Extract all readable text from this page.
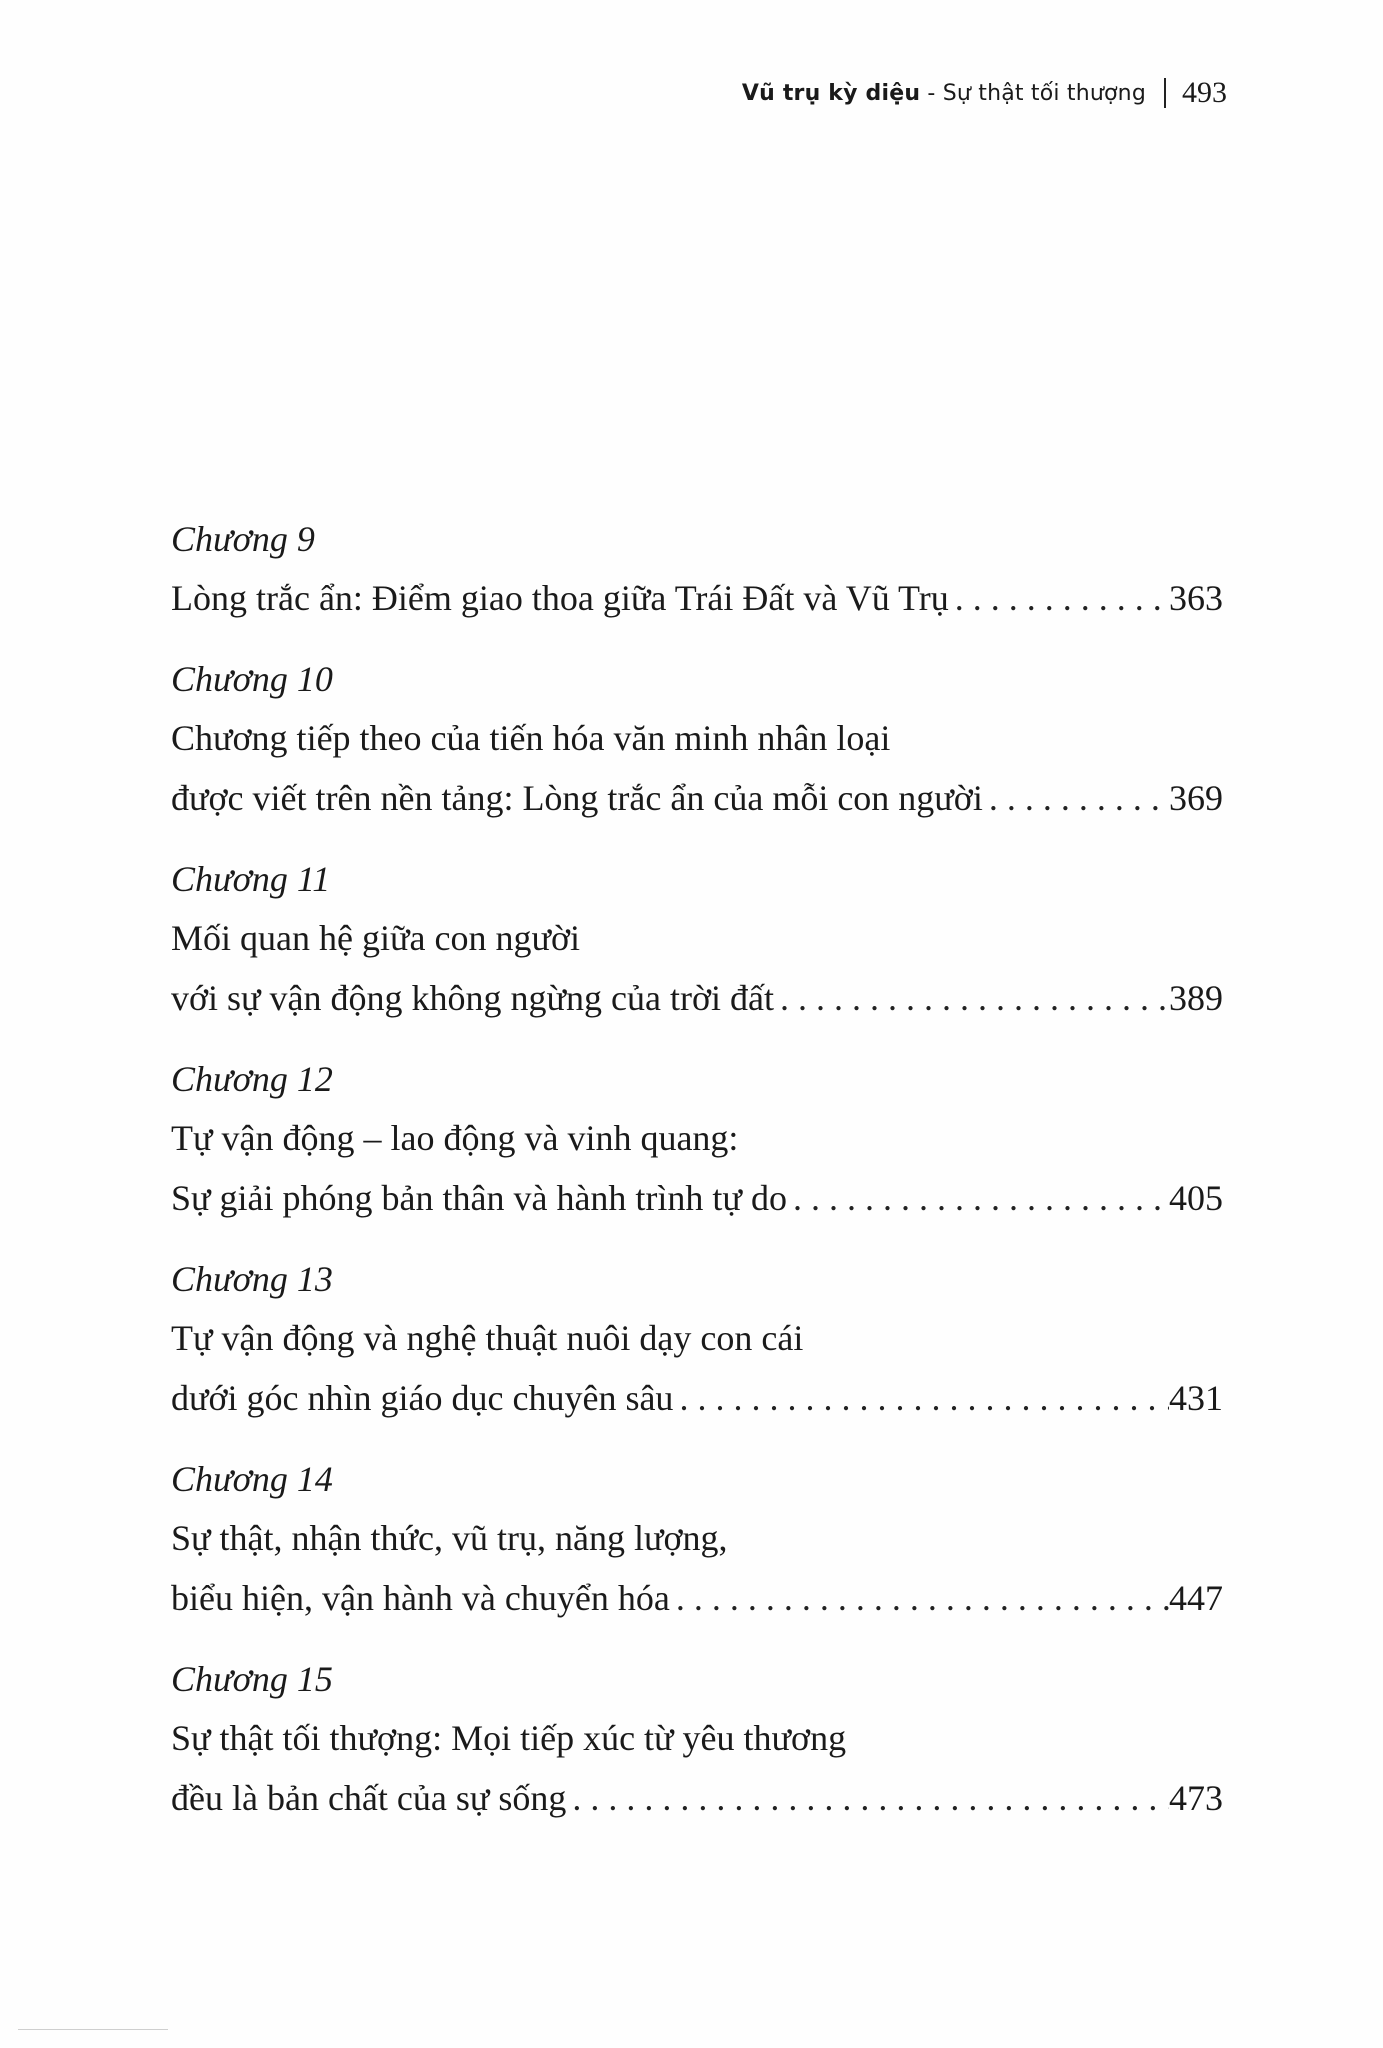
Vũ trụ kỳ diệu - Sự thật tối thượng 493
Chương 9
Lòng trắc ẩn: Điểm giao thoa giữa Trái Đất và Vũ Trụ . . .	363
Chương 10
Chương tiếp theo của tiến hóa văn minh nhân loại
được viết trên nền tảng: Lòng trắc ẩn của mỗi con người . . .	369
Chương 11
Mối quan hệ giữa con người
với sự vận động không ngừng của trời đất . . .	389
Chương 12
Tự vận động – lao động và vinh quang:
Sự giải phóng bản thân và hành trình tự do . . .	405
Chương 13
Tự vận động và nghệ thuật nuôi dạy con cái
dưới góc nhìn giáo dục chuyên sâu . . .	431
Chương 14
Sự thật, nhận thức, vũ trụ, năng lượng,
biểu hiện, vận hành và chuyển hóa . . .	447
Chương 15
Sự thật tối thượng: Mọi tiếp xúc từ yêu thương
đều là bản chất của sự sống . . .	473
